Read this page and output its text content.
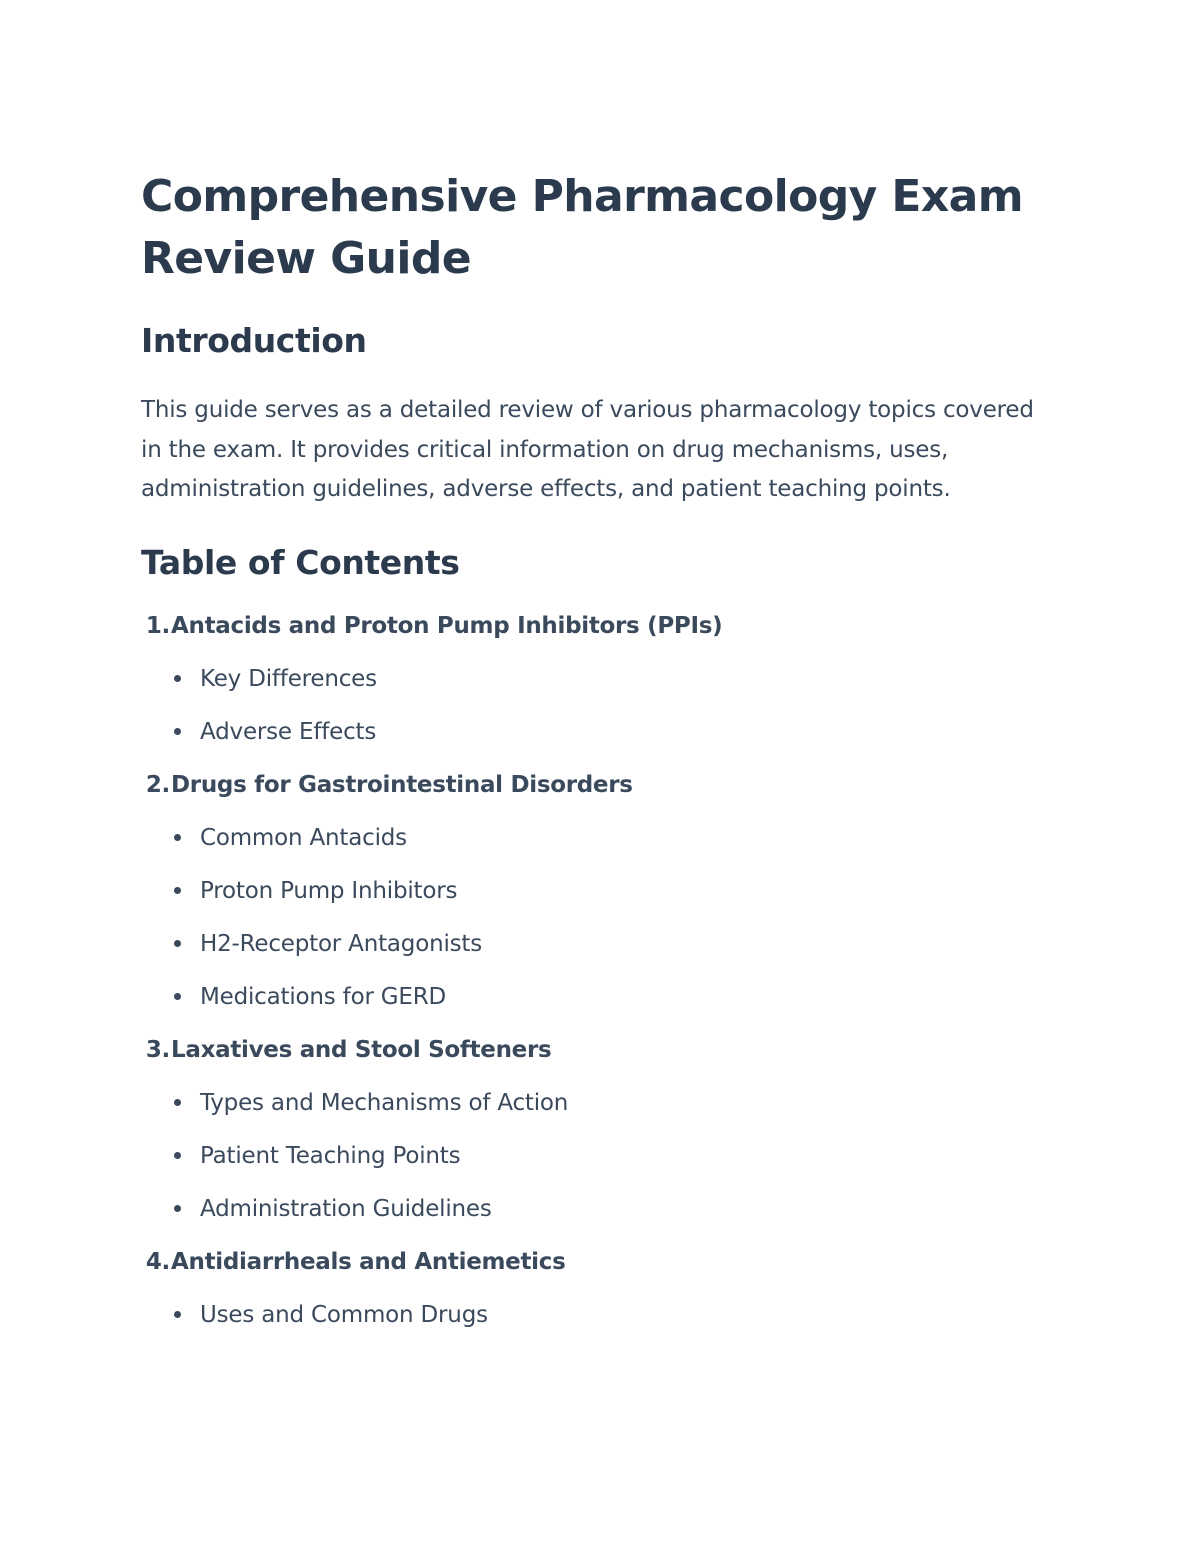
Comprehensive Pharmacology Exam Review Guide
Introduction

This guide serves as a detailed review of various pharmacology topics covered in the exam. It provides critical information on drug mechanisms, uses, administration guidelines, adverse effects, and patient teaching points.

Table of Contents
1. Antacids and Proton Pump Inhibitors (PPIs)
Key Differences
Adverse Effects
2. Drugs for Gastrointestinal Disorders
Common Antacids
Proton Pump Inhibitors
H2-Receptor Antagonists
Medications for GERD
3. Laxatives and Stool Softeners
Types and Mechanisms of Action
Patient Teaching Points
Administration Guidelines
4. Antidiarrheals and Antiemetics
Uses and Common Drugs
